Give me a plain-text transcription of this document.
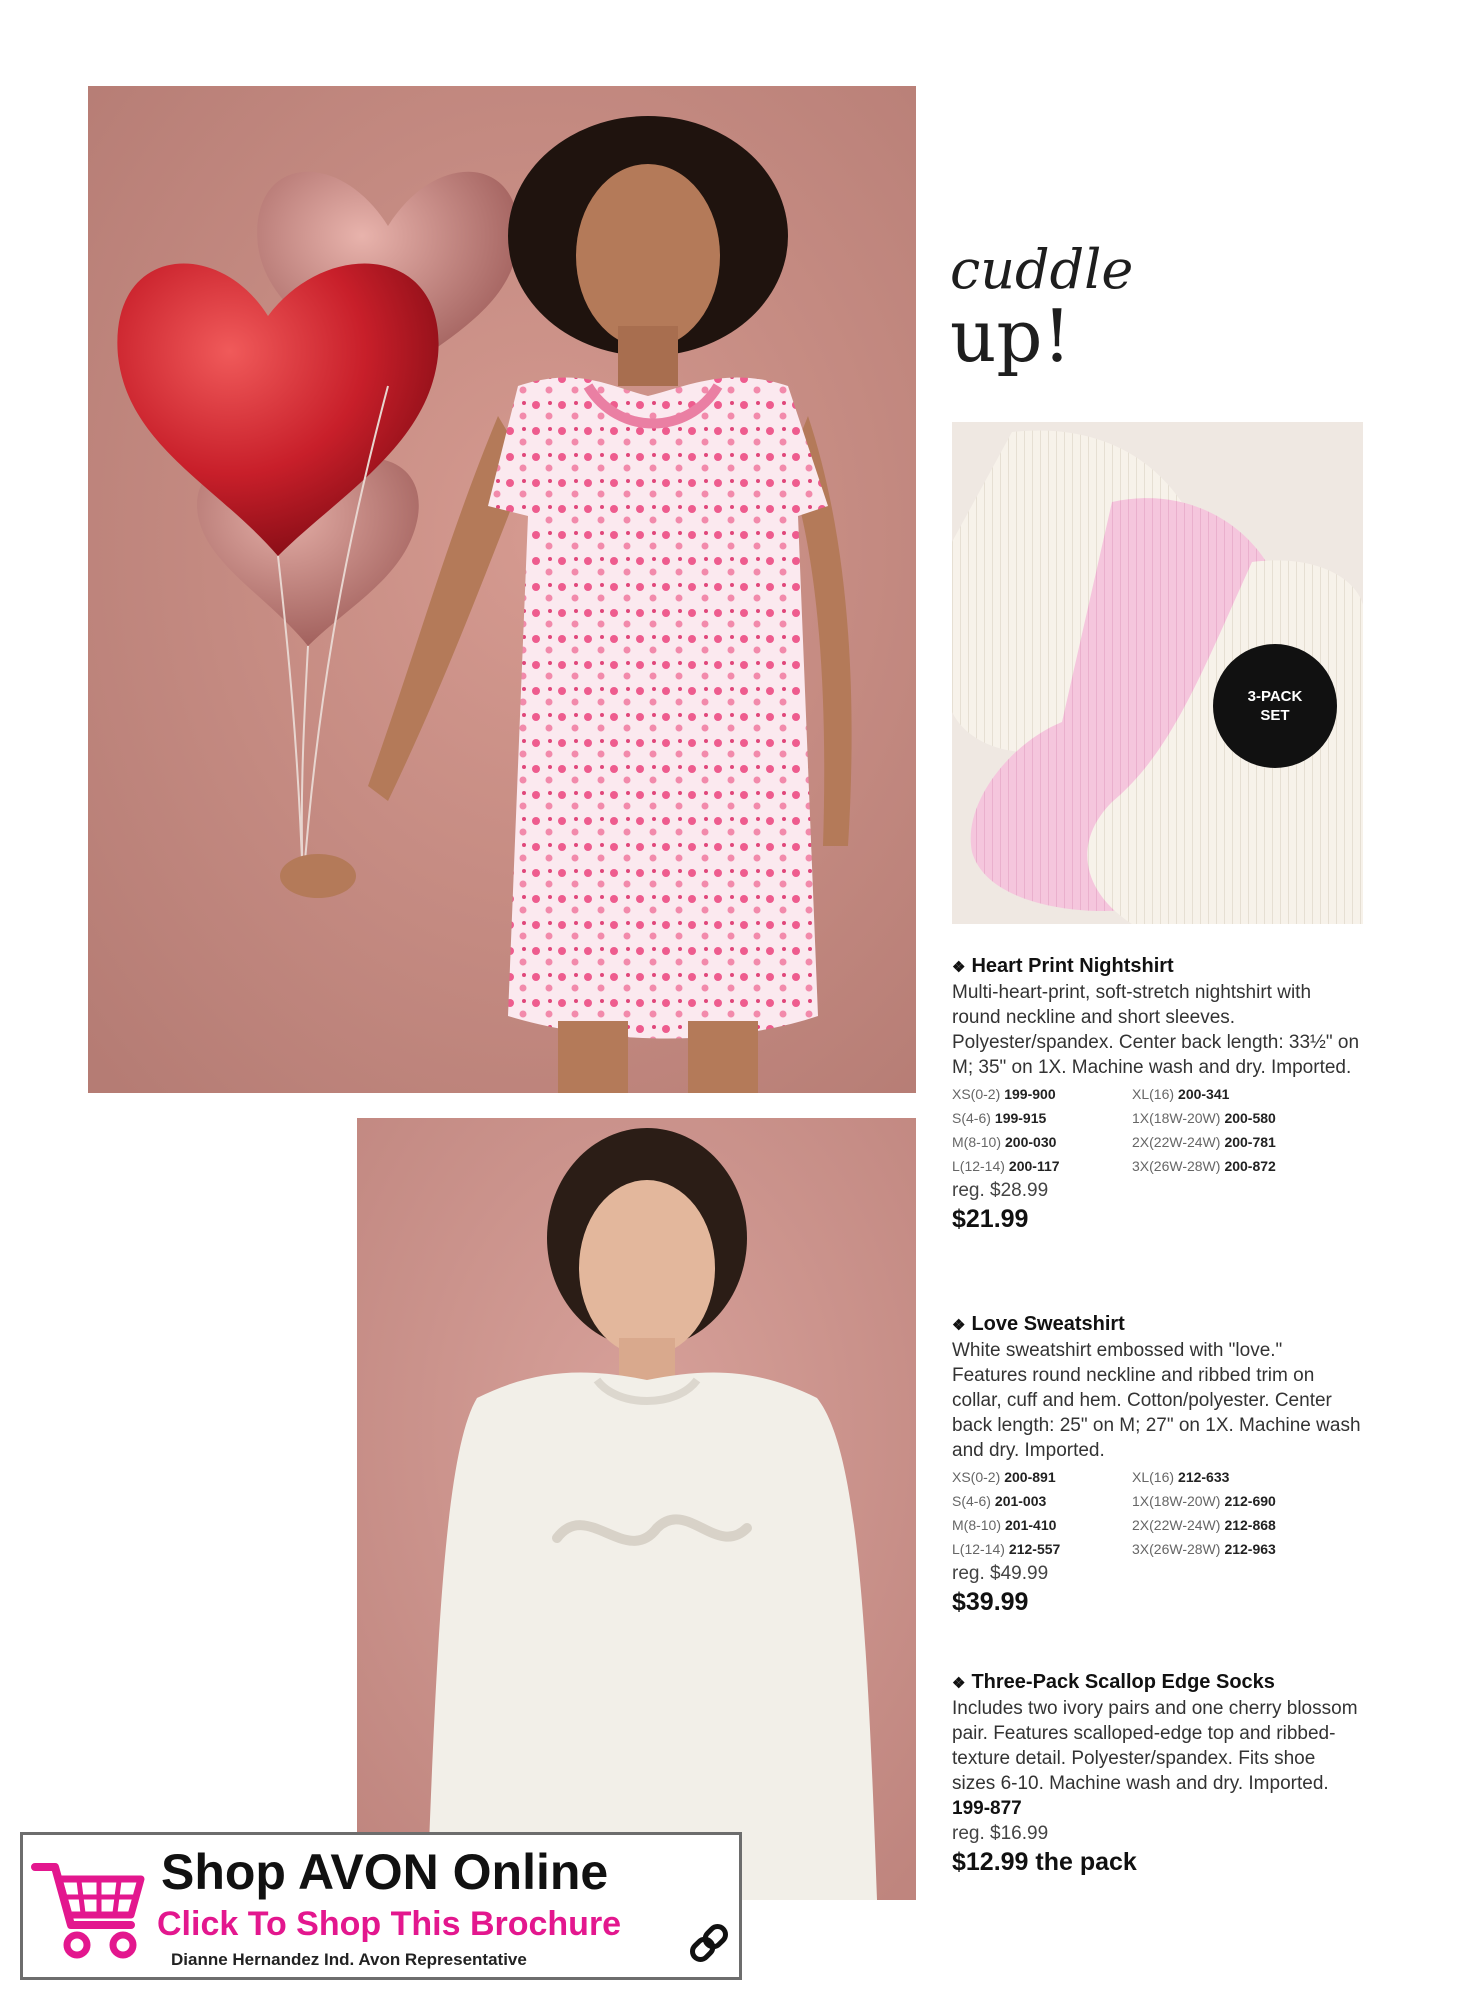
cuddle
up!
3-PACK
SET
❖ Heart Print Nightshirt
Multi-heart-print, soft-stretch nightshirt with round neckline and short sleeves. Polyester/spandex. Center back length: 33½" on M; 35" on 1X. Machine wash and dry. Imported.
XS(0-2) 199-900	XL(16) 200-341
S(4-6) 199-915	1X(18W-20W) 200-580
M(8-10) 200-030	2X(22W-24W) 200-781
L(12-14) 200-117	3X(26W-28W) 200-872
reg. $28.99
$21.99
❖ Love Sweatshirt
White sweatshirt embossed with "love." Features round neckline and ribbed trim on collar, cuff and hem. Cotton/polyester. Center back length: 25" on M; 27" on 1X. Machine wash and dry. Imported.
XS(0-2) 200-891	XL(16) 212-633
S(4-6) 201-003	1X(18W-20W) 212-690
M(8-10) 201-410	2X(22W-24W) 212-868
L(12-14) 212-557	3X(26W-28W) 212-963
reg. $49.99
$39.99
❖ Three-Pack Scallop Edge Socks
Includes two ivory pairs and one cherry blossom pair. Features scalloped-edge top and ribbed-texture detail. Polyester/spandex. Fits shoe sizes 6-10. Machine wash and dry. Imported. 199-877
reg. $16.99
$12.99 the pack
Shop AVON Online
Click To Shop This Brochure
Dianne Hernandez Ind. Avon Representative
